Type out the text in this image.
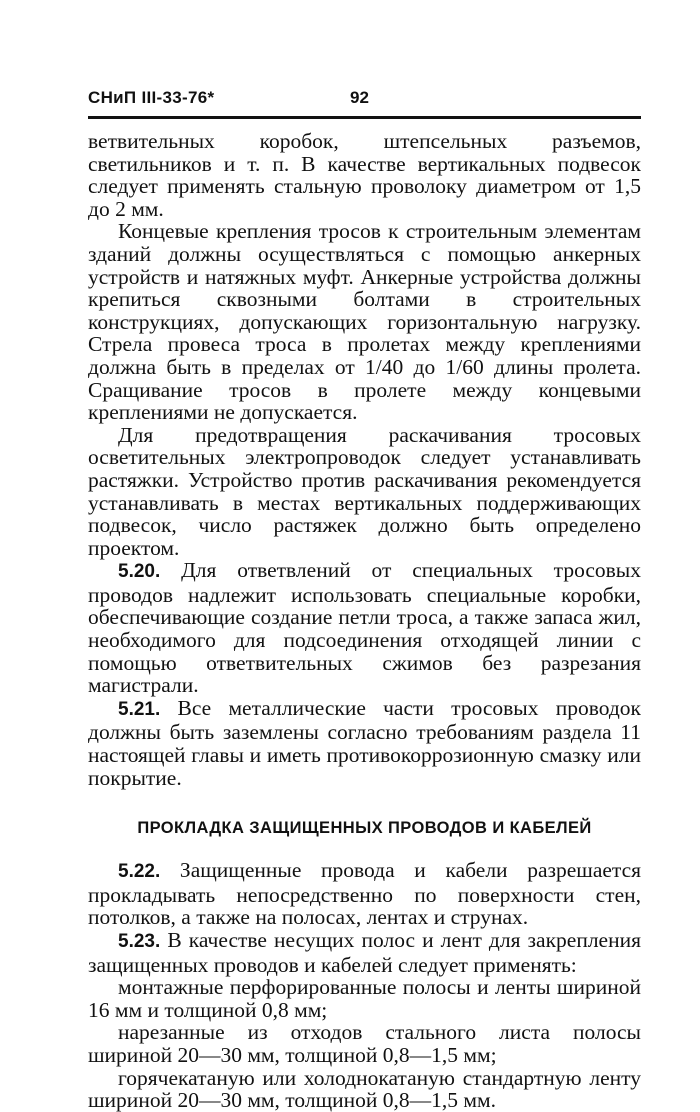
СНиП III-33-76*	92

ветвительных коробок, штепсельных разъемов, светильников и т. п. В качестве вертикальных подвесок следует применять стальную проволоку диаметром от 1,5 до 2 мм.

Концевые крепления тросов к строительным элементам зданий должны осуществляться с помощью анкерных устройств и натяжных муфт. Анкерные устройства должны крепиться сквозными болтами в строительных конструкциях, допускающих горизонтальную нагрузку. Стрела провеса троса в пролетах между креплениями должна быть в пределах от 1/40 до 1/60 длины пролета. Сращивание тросов в пролете между концевыми креплениями не допускается.

Для предотвращения раскачивания тросовых осветительных электропроводок следует устанавливать растяжки. Устройство против раскачивания рекомендуется устанавливать в местах вертикальных поддерживающих подвесок, число растяжек должно быть определено проектом.

5.20. Для ответвлений от специальных тросовых проводов надлежит использовать специальные коробки, обеспечивающие создание петли троса, а также запаса жил, необходимого для подсоединения отходящей линии с помощью ответвительных сжимов без разрезания магистрали.

5.21. Все металлические части тросовых проводок должны быть заземлены согласно требованиям раздела 11 настоящей главы и иметь противокоррозионную смазку или покрытие.

ПРОКЛАДКА ЗАЩИЩЕННЫХ ПРОВОДОВ И КАБЕЛЕЙ

5.22. Защищенные провода и кабели разрешается прокладывать непосредственно по поверхности стен, потолков, а также на полосах, лентах и струнах.

5.23. В качестве несущих полос и лент для закрепления защищенных проводов и кабелей следует применять:

монтажные перфорированные полосы и ленты шириной 16 мм и толщиной 0,8 мм;

нарезанные из отходов стального листа полосы шириной 20—30 мм, толщиной 0,8—1,5 мм;

горячекатаную или холоднокатаную стандартную ленту шириной 20—30 мм, толщиной 0,8—1,5 мм.
